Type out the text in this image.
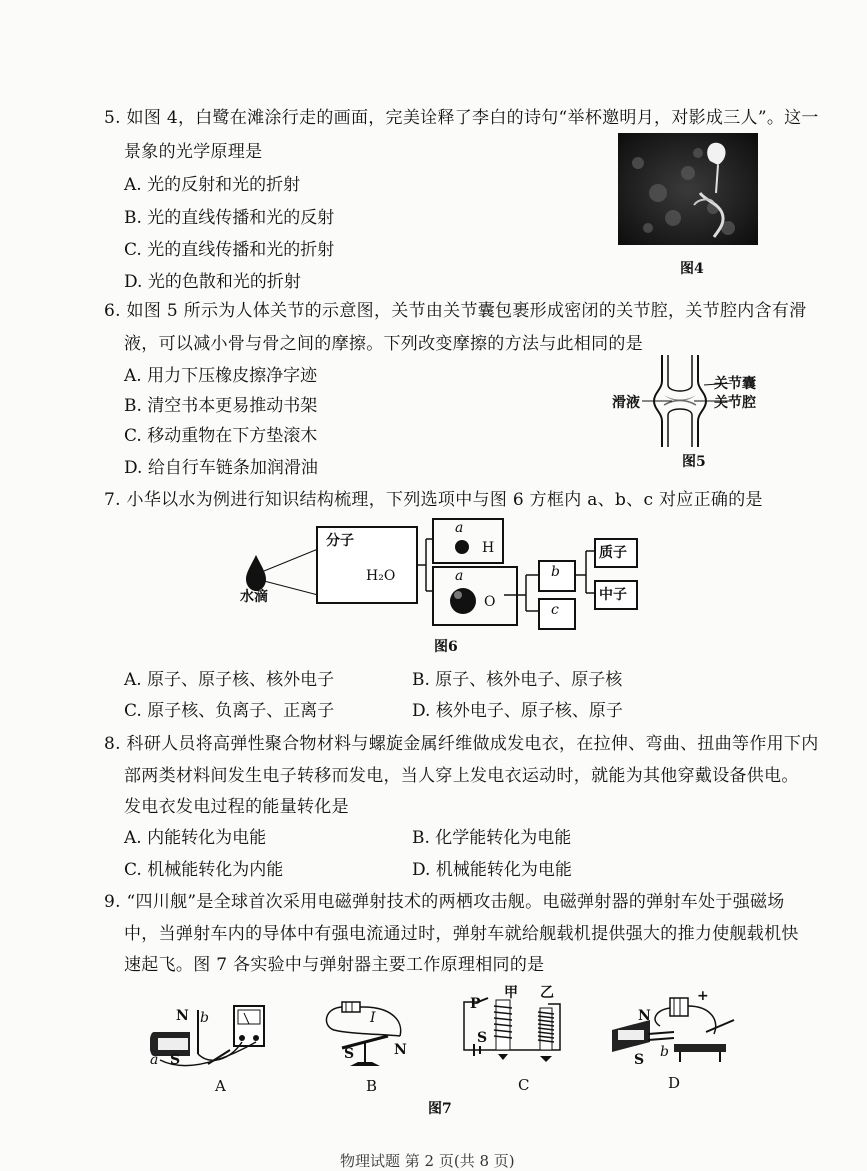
5. 如图 4，白鹭在滩涂行走的画面，完美诠释了李白的诗句“举杯邀明月，对影成三人”。这一
景象的光学原理是
A. 光的反射和光的折射
B. 光的直线传播和光的反射
C. 光的直线传播和光的折射
D. 光的色散和光的折射
图4
6. 如图 5 所示为人体关节的示意图，关节由关节囊包裹形成密闭的关节腔，关节腔内含有滑
液，可以减小骨与骨之间的摩擦。下列改变摩擦的方法与此相同的是
A. 用力下压橡皮擦净字迹
B. 清空书本更易推动书架
C. 移动重物在下方垫滚木
D. 给自行车链条加润滑油
滑液
关节囊
关节腔
图5
7. 小华以水为例进行知识结构梳理，下列选项中与图 6 方框内 a、b、c 对应正确的是
分子
H₂O
a
H
a
O
b
c
质子
中子
水滴
图6
A. 原子、原子核、核外电子	B. 原子、核外电子、原子核
C. 原子核、负离子、正离子	D. 核外电子、原子核、原子
8. 科研人员将高弹性聚合物材料与螺旋金属纤维做成发电衣，在拉伸、弯曲、扭曲等作用下内
部两类材料间发生电子转移而发电，当人穿上发电衣运动时，就能为其他穿戴设备供电。
发电衣发电过程的能量转化是
A. 内能转化为电能	B. 化学能转化为电能
C. 机械能转化为内能	D. 机械能转化为电能
9. “四川舰”是全球首次采用电磁弹射技术的两栖攻击舰。电磁弹射器的弹射车处于强磁场
中，当弹射车内的导体中有强电流通过时，弹射车就给舰载机提供强大的推力使舰载机快
速起飞。图 7 各实验中与弹射器主要工作原理相同的是
N b
a S
A
I
S	N
B
P
甲 乙
S
C
N
+
b
S
D
图7
物理试题 第 2 页(共 8 页)
